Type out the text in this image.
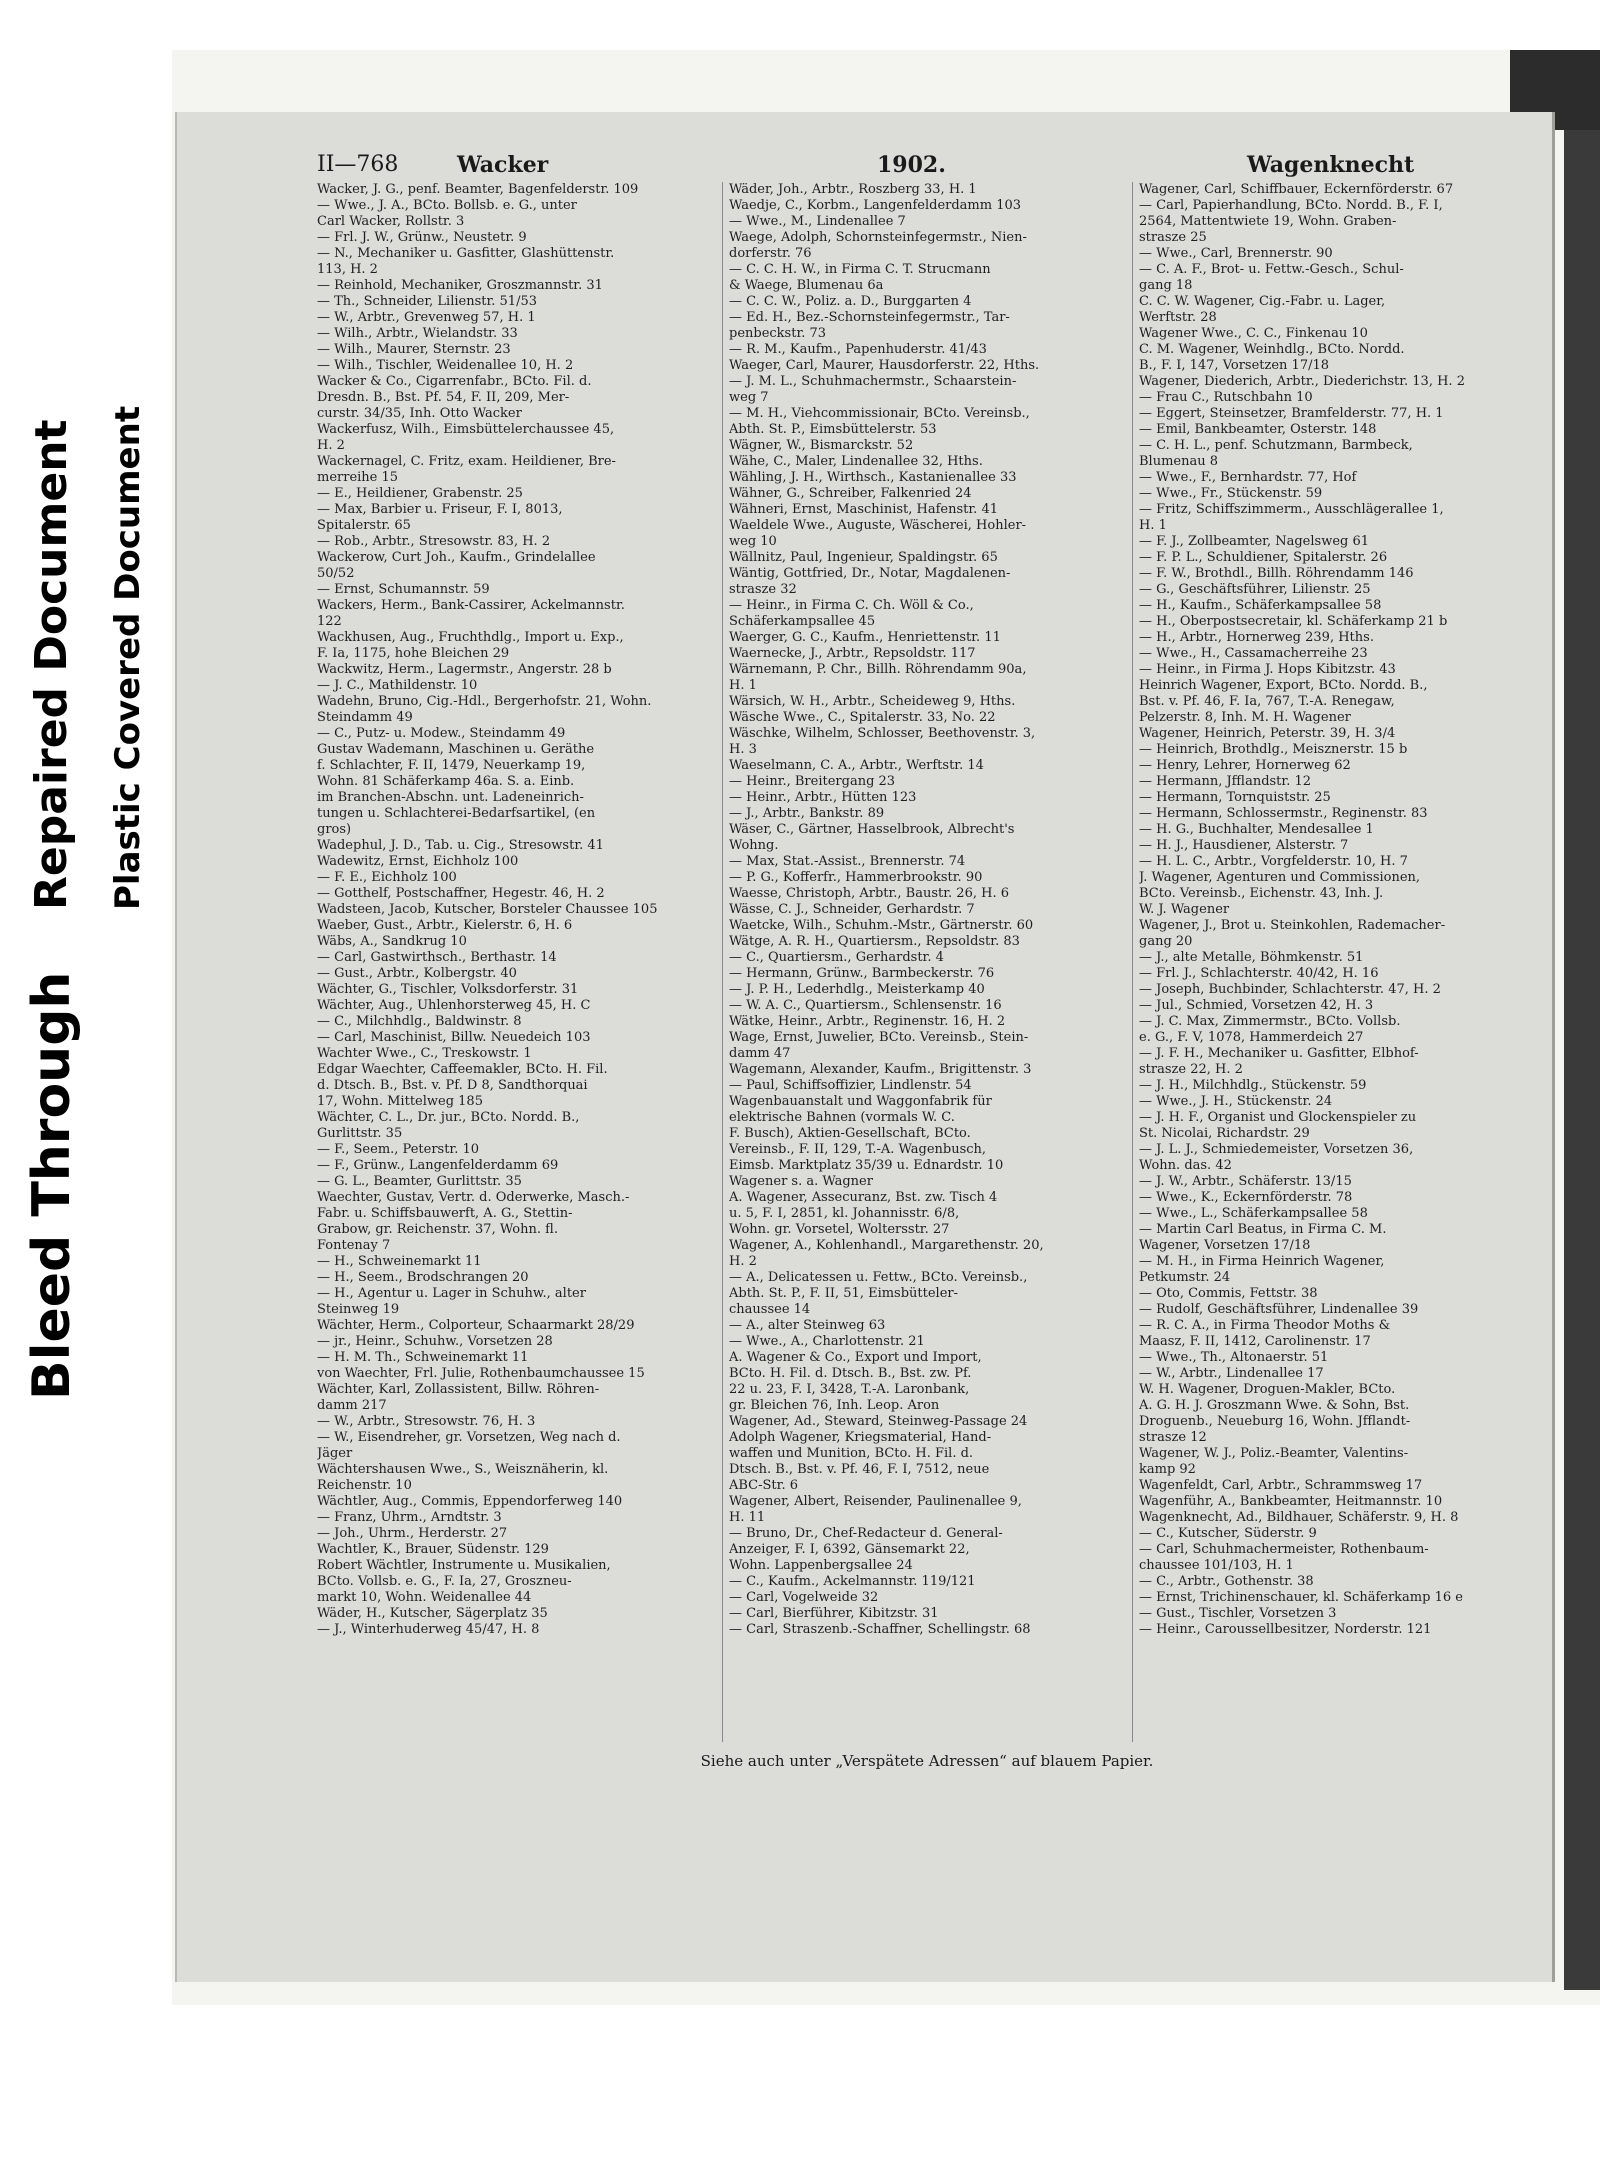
Bleed Through
Repaired Document Plastic Covered Document
II—768	Wacker	1902.	Wagenknecht
Wacker, J. G., penf. Beamter, Bagenfelderstr. 109
— Wwe., J. A., BCto. Bollsb. e. G., unter
Carl Wacker, Rollstr. 3
— Frl. J. W., Grünw., Neustetr. 9
— N., Mechaniker u. Gasfitter, Glashüttenstr.
113, H. 2
— Reinhold, Mechaniker, Groszmannstr. 31
— Th., Schneider, Lilienstr. 51/53
— W., Arbtr., Grevenweg 57, H. 1
— Wilh., Arbtr., Wielandstr. 33
— Wilh., Maurer, Sternstr. 23
— Wilh., Tischler, Weidenallee 10, H. 2
Wacker & Co., Cigarrenfabr., BCto. Fil. d.
Dresdn. B., Bst. Pf. 54, F. II, 209, Mer-
curstr. 34/35, Inh. Otto Wacker
Wackerfusz, Wilh., Eimsbüttelerchaussee 45,
H. 2
Wackernagel, C. Fritz, exam. Heildiener, Bre-
merreihe 15
— E., Heildiener, Grabenstr. 25
— Max, Barbier u. Friseur, F. I, 8013,
Spitalerstr. 65
— Rob., Arbtr., Stresowstr. 83, H. 2
Wackerow, Curt Joh., Kaufm., Grindelallee
50/52
— Ernst, Schumannstr. 59
Wackers, Herm., Bank-Cassirer, Ackelmannstr.
122
Wackhusen, Aug., Fruchthdlg., Import u. Exp.,
F. Ia, 1175, hohe Bleichen 29
Wackwitz, Herm., Lagermstr., Angerstr. 28 b
— J. C., Mathildenstr. 10
Wadehn, Bruno, Cig.-Hdl., Bergerhofstr. 21, Wohn.
Steindamm 49
— C., Putz- u. Modew., Steindamm 49
Gustav Wademann, Maschinen u. Geräthe
f. Schlachter, F. II, 1479, Neuerkamp 19,
Wohn. 81 Schäferkamp 46a. S. a. Einb.
im Branchen-Abschn. unt. Ladeneinrich-
tungen u. Schlachterei-Bedarfsartikel, (en
gros)
Wadephul, J. D., Tab. u. Cig., Stresowstr. 41
Wadewitz, Ernst, Eichholz 100
— F. E., Eichholz 100
— Gotthelf, Postschaffner, Hegestr. 46, H. 2
Wadsteen, Jacob, Kutscher, Borsteler Chaussee 105
Waeber, Gust., Arbtr., Kielerstr. 6, H. 6
Wäbs, A., Sandkrug 10
— Carl, Gastwirthsch., Berthastr. 14
— Gust., Arbtr., Kolbergstr. 40
Wächter, G., Tischler, Volksdorferstr. 31
Wächter, Aug., Uhlenhorsterweg 45, H. C
— C., Milchhdlg., Baldwinstr. 8
— Carl, Maschinist, Billw. Neuedeich 103
Wachter Wwe., C., Treskowstr. 1
Edgar Waechter, Caffeemakler, BCto. H. Fil.
d. Dtsch. B., Bst. v. Pf. D 8, Sandthorquai
17, Wohn. Mittelweg 185
Wächter, C. L., Dr. jur., BCto. Nordd. B.,
Gurlittstr. 35
— F., Seem., Peterstr. 10
— F., Grünw., Langenfelderdamm 69
— G. L., Beamter, Gurlittstr. 35
Waechter, Gustav, Vertr. d. Oderwerke, Masch.-
Fabr. u. Schiffsbauwerft, A. G., Stettin-
Grabow, gr. Reichenstr. 37, Wohn. fl.
Fontenay 7
— H., Schweinemarkt 11
— H., Seem., Brodschrangen 20
— H., Agentur u. Lager in Schuhw., alter
Steinweg 19
Wächter, Herm., Colporteur, Schaarmarkt 28/29
— jr., Heinr., Schuhw., Vorsetzen 28
— H. M. Th., Schweinemarkt 11
von Waechter, Frl. Julie, Rothenbaumchaussee 15
Wächter, Karl, Zollassistent, Billw. Röhren-
damm 217
— W., Arbtr., Stresowstr. 76, H. 3
— W., Eisendreher, gr. Vorsetzen, Weg nach d.
Jäger
Wächtershausen Wwe., S., Weisznäherin, kl.
Reichenstr. 10
Wächtler, Aug., Commis, Eppendorferweg 140
— Franz, Uhrm., Arndtstr. 3
— Joh., Uhrm., Herderstr. 27
Wachtler, K., Brauer, Südenstr. 129
Robert Wächtler, Instrumente u. Musikalien,
BCto. Vollsb. e. G., F. Ia, 27, Groszneu-
markt 10, Wohn. Weidenallee 44
Wäder, H., Kutscher, Sägerplatz 35
— J., Winterhuderweg 45/47, H. 8
Wäder, Joh., Arbtr., Roszberg 33, H. 1
Waedje, C., Korbm., Langenfelderdamm 103
— Wwe., M., Lindenallee 7
Waege, Adolph, Schornsteinfegermstr., Nien-
dorferstr. 76
— C. C. H. W., in Firma C. T. Strucmann
& Waege, Blumenau 6a
— C. C. W., Poliz. a. D., Burggarten 4
— Ed. H., Bez.-Schornsteinfegermstr., Tar-
penbeckstr. 73
— R. M., Kaufm., Papenhuderstr. 41/43
Waeger, Carl, Maurer, Hausdorferstr. 22, Hths.
— J. M. L., Schuhmachermstr., Schaarstein-
weg 7
— M. H., Viehcommissionair, BCto. Vereinsb.,
Abth. St. P., Eimsbüttelerstr. 53
Wägner, W., Bismarckstr. 52
Wähe, C., Maler, Lindenallee 32, Hths.
Wähling, J. H., Wirthsch., Kastanienallee 33
Wähner, G., Schreiber, Falkenried 24
Wähneri, Ernst, Maschinist, Hafenstr. 41
Waeldele Wwe., Auguste, Wäscherei, Hohler-
weg 10
Wällnitz, Paul, Ingenieur, Spaldingstr. 65
Wäntig, Gottfried, Dr., Notar, Magdalenen-
strasze 32
— Heinr., in Firma C. Ch. Wöll & Co.,
Schäferkampsallee 45
Waerger, G. C., Kaufm., Henriettenstr. 11
Waernecke, J., Arbtr., Repsoldstr. 117
Wärnemann, P. Chr., Billh. Röhrendamm 90a,
H. 1
Wärsich, W. H., Arbtr., Scheideweg 9, Hths.
Wäsche Wwe., C., Spitalerstr. 33, No. 22
Wäschke, Wilhelm, Schlosser, Beethovenstr. 3,
H. 3
Waeselmann, C. A., Arbtr., Werftstr. 14
— Heinr., Breitergang 23
— Heinr., Arbtr., Hütten 123
— J., Arbtr., Bankstr. 89
Wäser, C., Gärtner, Hasselbrook, Albrecht's
Wohng.
— Max, Stat.-Assist., Brennerstr. 74
— P. G., Kofferfr., Hammerbrookstr. 90
Waesse, Christoph, Arbtr., Baustr. 26, H. 6
Wässe, C. J., Schneider, Gerhardstr. 7
Waetcke, Wilh., Schuhm.-Mstr., Gärtnerstr. 60
Wätge, A. R. H., Quartiersm., Repsoldstr. 83
— C., Quartiersm., Gerhardstr. 4
— Hermann, Grünw., Barmbeckerstr. 76
— J. P. H., Lederhdlg., Meisterkamp 40
— W. A. C., Quartiersm., Schlensenstr. 16
Wätke, Heinr., Arbtr., Reginenstr. 16, H. 2
Wage, Ernst, Juwelier, BCto. Vereinsb., Stein-
damm 47
Wagemann, Alexander, Kaufm., Brigittenstr. 3
— Paul, Schiffsoffizier, Lindlenstr. 54
Wagenbauanstalt und Waggonfabrik für
elektrische Bahnen (vormals W. C.
F. Busch), Aktien-Gesellschaft, BCto.
Vereinsb., F. II, 129, T.-A. Wagenbusch,
Eimsb. Marktplatz 35/39 u. Ednardstr. 10
Wagener s. a. Wagner
A. Wagener, Assecuranz, Bst. zw. Tisch 4
u. 5, F. I, 2851, kl. Johannisstr. 6/8,
Wohn. gr. Vorsetel, Woltersstr. 27
Wagener, A., Kohlenhandl., Margarethenstr. 20,
H. 2
— A., Delicatessen u. Fettw., BCto. Vereinsb.,
Abth. St. P., F. II, 51, Eimsbütteler-
chaussee 14
— A., alter Steinweg 63
— Wwe., A., Charlottenstr. 21
A. Wagener & Co., Export und Import,
BCto. H. Fil. d. Dtsch. B., Bst. zw. Pf.
22 u. 23, F. I, 3428, T.-A. Laronbank,
gr. Bleichen 76, Inh. Leop. Aron
Wagener, Ad., Steward, Steinweg-Passage 24
Adolph Wagener, Kriegsmaterial, Hand-
waffen und Munition, BCto. H. Fil. d.
Dtsch. B., Bst. v. Pf. 46, F. I, 7512, neue
ABC-Str. 6
Wagener, Albert, Reisender, Paulinenallee 9,
H. 11
— Bruno, Dr., Chef-Redacteur d. General-
Anzeiger, F. I, 6392, Gänsemarkt 22,
Wohn. Lappenbergsallee 24
— C., Kaufm., Ackelmannstr. 119/121
— Carl, Vogelweide 32
— Carl, Bierführer, Kibitzstr. 31
— Carl, Straszenb.-Schaffner, Schellingstr. 68
Wagener, Carl, Schiffbauer, Eckernförderstr. 67
— Carl, Papierhandlung, BCto. Nordd. B., F. I,
2564, Mattentwiete 19, Wohn. Graben-
strasze 25
— Wwe., Carl, Brennerstr. 90
— C. A. F., Brot- u. Fettw.-Gesch., Schul-
gang 18
C. C. W. Wagener, Cig.-Fabr. u. Lager,
Werftstr. 28
Wagener Wwe., C. C., Finkenau 10
C. M. Wagener, Weinhdlg., BCto. Nordd.
B., F. I, 147, Vorsetzen 17/18
Wagener, Diederich, Arbtr., Diederichstr. 13, H. 2
— Frau C., Rutschbahn 10
— Eggert, Steinsetzer, Bramfelderstr. 77, H. 1
— Emil, Bankbeamter, Osterstr. 148
— C. H. L., penf. Schutzmann, Barmbeck,
Blumenau 8
— Wwe., F., Bernhardstr. 77, Hof
— Wwe., Fr., Stückenstr. 59
— Fritz, Schiffszimmerm., Ausschlägerallee 1,
H. 1
— F. J., Zollbeamter, Nagelsweg 61
— F. P. L., Schuldiener, Spitalerstr. 26
— F. W., Brothdl., Billh. Röhrendamm 146
— G., Geschäftsführer, Lilienstr. 25
— H., Kaufm., Schäferkampsallee 58
— H., Oberpostsecretair, kl. Schäferkamp 21 b
— H., Arbtr., Hornerweg 239, Hths.
— Wwe., H., Cassamacherreihe 23
— Heinr., in Firma J. Hops Kibitzstr. 43
Heinrich Wagener, Export, BCto. Nordd. B.,
Bst. v. Pf. 46, F. Ia, 767, T.-A. Renegaw,
Pelzerstr. 8, Inh. M. H. Wagener
Wagener, Heinrich, Peterstr. 39, H. 3/4
— Heinrich, Brothdlg., Meisznerstr. 15 b
— Henry, Lehrer, Hornerweg 62
— Hermann, Jfflandstr. 12
— Hermann, Tornquiststr. 25
— Hermann, Schlossermstr., Reginenstr. 83
— H. G., Buchhalter, Mendesallee 1
— H. J., Hausdiener, Alsterstr. 7
— H. L. C., Arbtr., Vorgfelderstr. 10, H. 7
J. Wagener, Agenturen und Commissionen,
BCto. Vereinsb., Eichenstr. 43, Inh. J.
W. J. Wagener
Wagener, J., Brot u. Steinkohlen, Rademacher-
gang 20
— J., alte Metalle, Böhmkenstr. 51
— Frl. J., Schlachterstr. 40/42, H. 16
— Joseph, Buchbinder, Schlachterstr. 47, H. 2
— Jul., Schmied, Vorsetzen 42, H. 3
— J. C. Max, Zimmermstr., BCto. Vollsb.
e. G., F. V, 1078, Hammerdeich 27
— J. F. H., Mechaniker u. Gasfitter, Elbhof-
strasze 22, H. 2
— J. H., Milchhdlg., Stückenstr. 59
— Wwe., J. H., Stückenstr. 24
— J. H. F., Organist und Glockenspieler zu
St. Nicolai, Richardstr. 29
— J. L. J., Schmiedemeister, Vorsetzen 36,
Wohn. das. 42
— J. W., Arbtr., Schäferstr. 13/15
— Wwe., K., Eckernförderstr. 78
— Wwe., L., Schäferkampsallee 58
— Martin Carl Beatus, in Firma C. M.
Wagener, Vorsetzen 17/18
— M. H., in Firma Heinrich Wagener,
Petkumstr. 24
— Oto, Commis, Fettstr. 38
— Rudolf, Geschäftsführer, Lindenallee 39
— R. C. A., in Firma Theodor Moths &
Maasz, F. II, 1412, Carolinenstr. 17
— Wwe., Th., Altonaerstr. 51
— W., Arbtr., Lindenallee 17
W. H. Wagener, Droguen-Makler, BCto.
A. G. H. J. Groszmann Wwe. & Sohn, Bst.
Droguenb., Neueburg 16, Wohn. Jfflandt-
strasze 12
Wagener, W. J., Poliz.-Beamter, Valentins-
kamp 92
Wagenfeldt, Carl, Arbtr., Schrammsweg 17
Wagenführ, A., Bankbeamter, Heitmannstr. 10
Wagenknecht, Ad., Bildhauer, Schäferstr. 9, H. 8
— C., Kutscher, Süderstr. 9
— Carl, Schuhmachermeister, Rothenbaum-
chaussee 101/103, H. 1
— C., Arbtr., Gothenstr. 38
— Ernst, Trichinenschauer, kl. Schäferkamp 16 e
— Gust., Tischler, Vorsetzen 3
— Heinr., Caroussellbesitzer, Norderstr. 121
Siehe auch unter „Verspätete Adressen“ auf blauem Papier.
